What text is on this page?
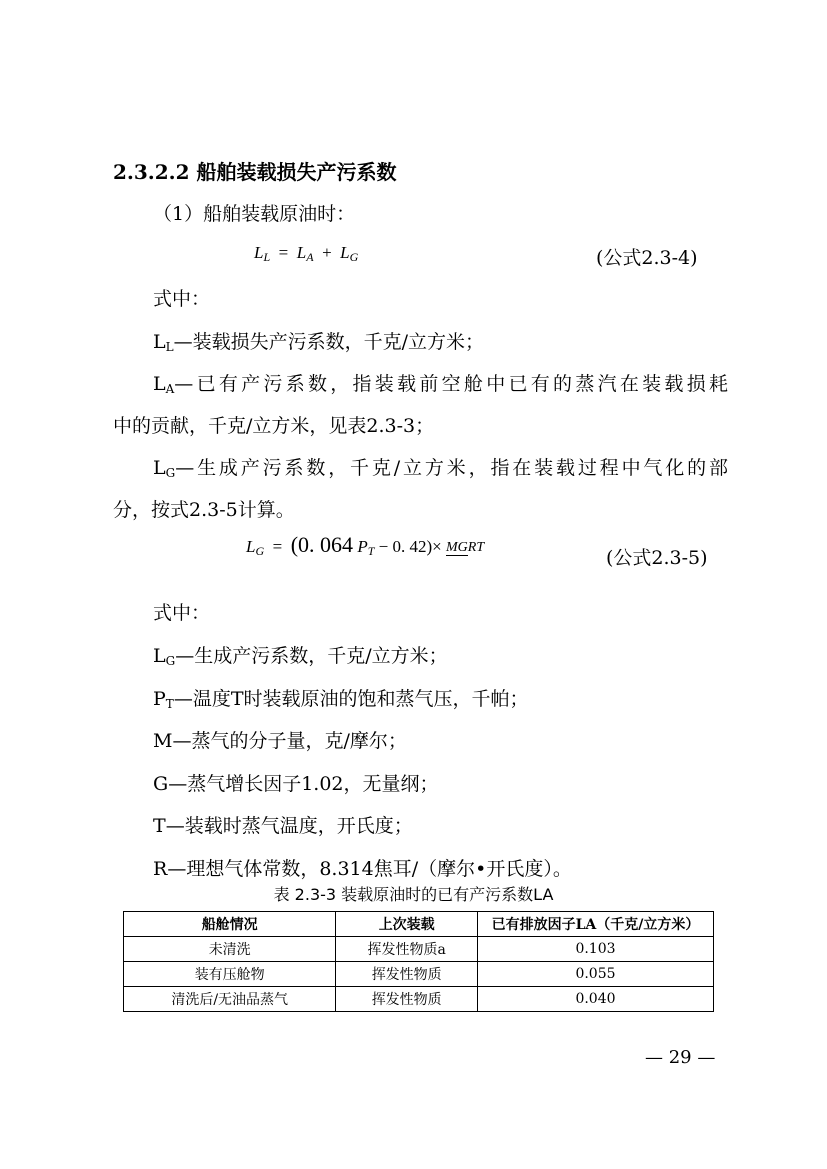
2.3.2.2 船舶装载损失产污系数
（1）船舶装载原油时：
$L_L = L_A + L_G$	(公式2.3-4)
式中：
$L_L—$装载损失产污系数，千克/立方米；
$L_A—$已有产污系数，指装载前空舱中已有的蒸汽在装载损耗
中的贡献，千克/立方米，见表2.3-3；
$L_G—$生成产污系数，千克/立方米，指在装载过程中气化的部
分，按式2.3-5计算。
$L_G = (0$. 064 $P_T - 0$. 42)× MGRT	(公式2.3-5)
式中：
$L_G—$生成产污系数，千克/立方米；
$P_T—$温度T时装载原油的饱和蒸气压，千帕；
M—蒸气的分子量，克/摩尔；
G—蒸气增长因子1.02，无量纲；
T—装载时蒸气温度，开氏度；
R—理想气体常数，8.314焦耳/（摩尔•开氏度）。
表 2.3-3 装载原油时的已有产污系数LA
船舱情况	上次装载	已有排放因子LA（千克/立方米）
未清洗	挥发性物质a	0.103
装有压舱物	挥发性物质	0.055
清洗后/无油品蒸气	挥发性物质	0.040
— 29 —
